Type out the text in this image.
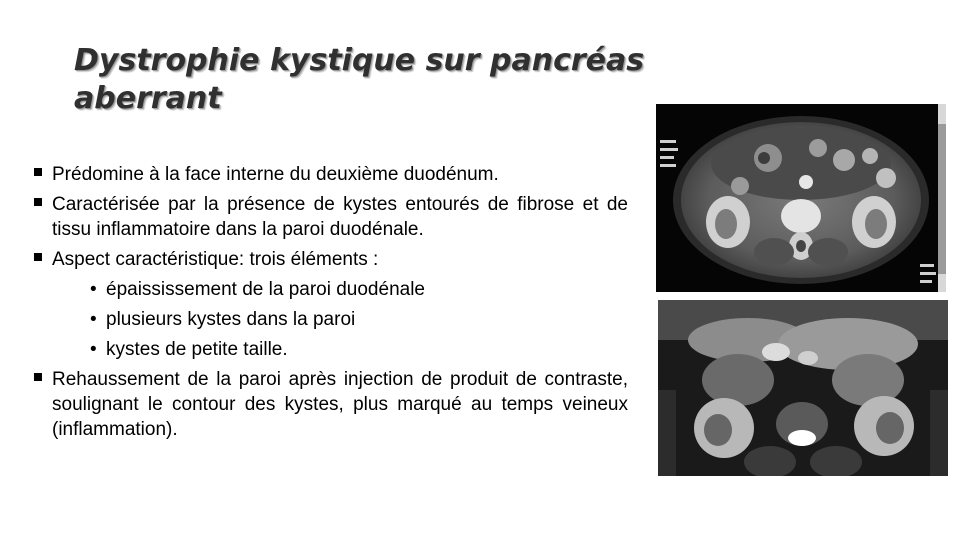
Dystrophie kystique sur pancréas
aberrant
Prédomine à la face interne du deuxième duodénum.
Caractérisée par la présence de kystes entourés de fibrose et de tissu inflammatoire dans la paroi duodénale.
Aspect caractéristique: trois éléments :
• épaississement de la paroi duodénale
• plusieurs kystes dans la paroi
• kystes de petite taille.
Rehaussement de la paroi après injection de produit de contraste, soulignant le contour des kystes, plus marqué au temps veineux (inflammation).
